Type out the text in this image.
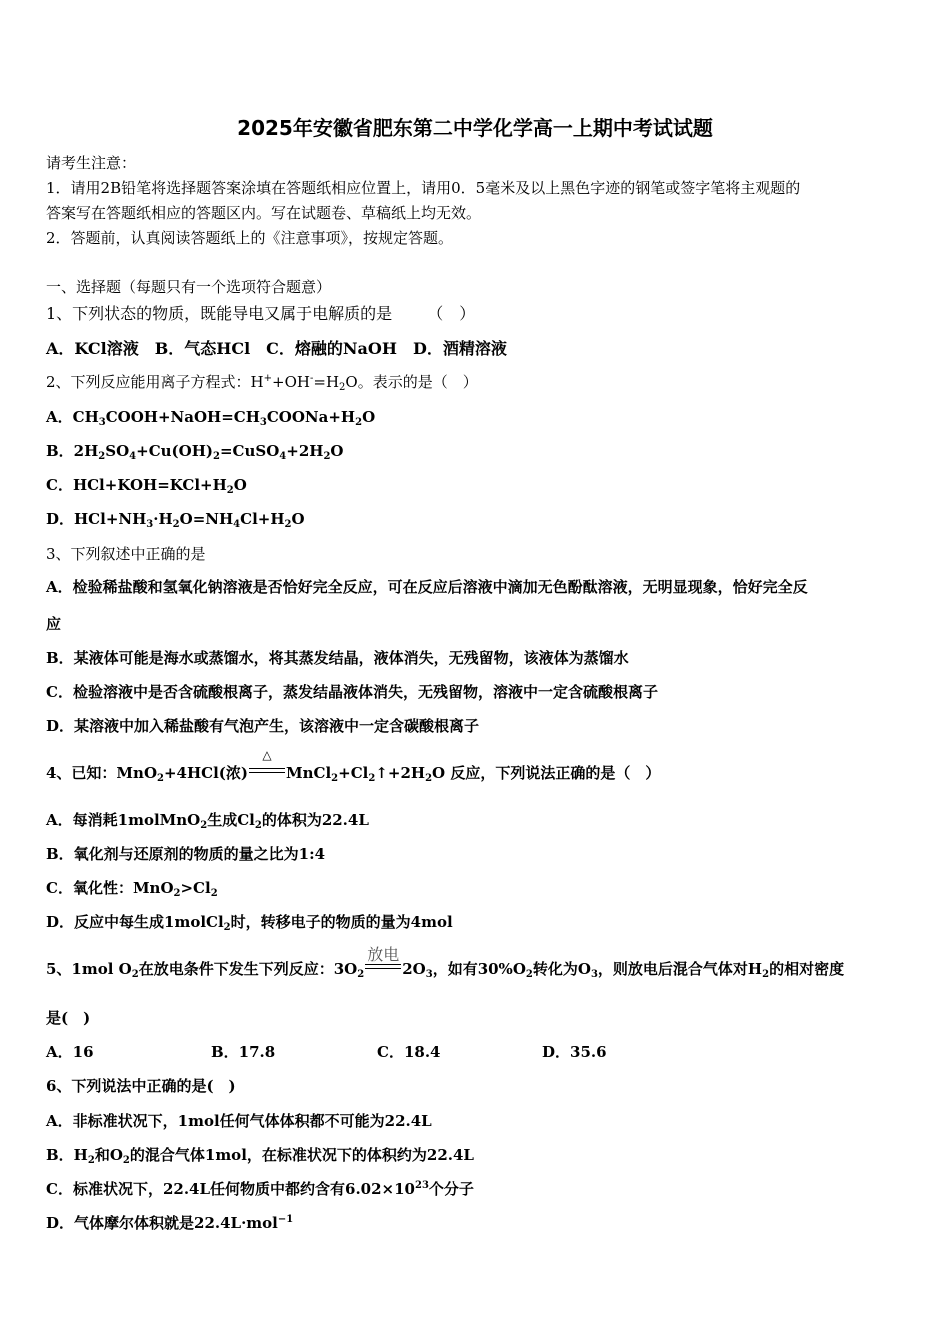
2025年安徽省肥东第二中学化学高一上期中考试试题
请考生注意：
1．请用2B铅笔将选择题答案涂填在答题纸相应位置上，请用0．5毫米及以上黑色字迹的钢笔或签字笔将主观题的
答案写在答题纸相应的答题区内。写在试题卷、草稿纸上均无效。
2．答题前，认真阅读答题纸上的《注意事项》，按规定答题。
一、选择题（每题只有一个选项符合题意）
1、下列状态的物质，既能导电又属于电解质的是 （　）
A．KCl溶液　B．气态HCl　C．熔融的NaOH　D．酒精溶液
2、下列反应能用离子方程式：$H^++OH^-=H_2O$。表示的是（　）
A．$CH_3COOH+NaOH=CH_3COONa+H_2O$
B．$2H_2SO_4+Cu(OH)_2=CuSO_4+2H_2O$
C．$HCl+KOH=KCl+H_2O$
D．$HCl+NH_3\cdot H_2O=NH_4Cl+H_2O$
3、下列叙述中正确的是
A．检验稀盐酸和氢氧化钠溶液是否恰好完全反应，可在反应后溶液中滴加无色酚酞溶液，无明显现象，恰好完全反
应
B．某液体可能是海水或蒸馏水，将其蒸发结晶，液体消失，无残留物，该液体为蒸馏水
C．检验溶液中是否含硫酸根离子，蒸发结晶液体消失，无残留物，溶液中一定含硫酸根离子
D．某溶液中加入稀盐酸有气泡产生，该溶液中一定含碳酸根离子
4、已知：MnO$_2$+4HCl(浓)
△
$MnCl_2+Cl_2↑+2H_2O$ 反应，下列说法正确的是（　）
A．每消耗1molMnO$_2$生成$Cl_2$的体积为22.4L
B．氧化剂与还原剂的物质的量之比为1:4
C．氧化性：$MnO_2>Cl_2$
D．反应中每生成1molCl$_2$时，转移电子的物质的量为4mol
5、1mol $O_2$在放电条件下发生下列反应：$3O_2$
放电
$2O_3$，如有$30\%O_2$转化为$O_3$，则放电后混合气体对$H_2$的相对密度
是(　)
A．16	B．17.8	C．18.4	D．35.6
6、下列说法中正确的是(　)
A．非标准状况下，1mol任何气体体积都不可能为22.4L
B．$H_2$和$O_2$的混合气体1mol，在标准状况下的体积约为22.4L
C．标准状况下，22.4L任何物质中都约含有$6.02\times 10^{23}$个分子
D．气体摩尔体积就是22.4L·mol$^{-1}$
